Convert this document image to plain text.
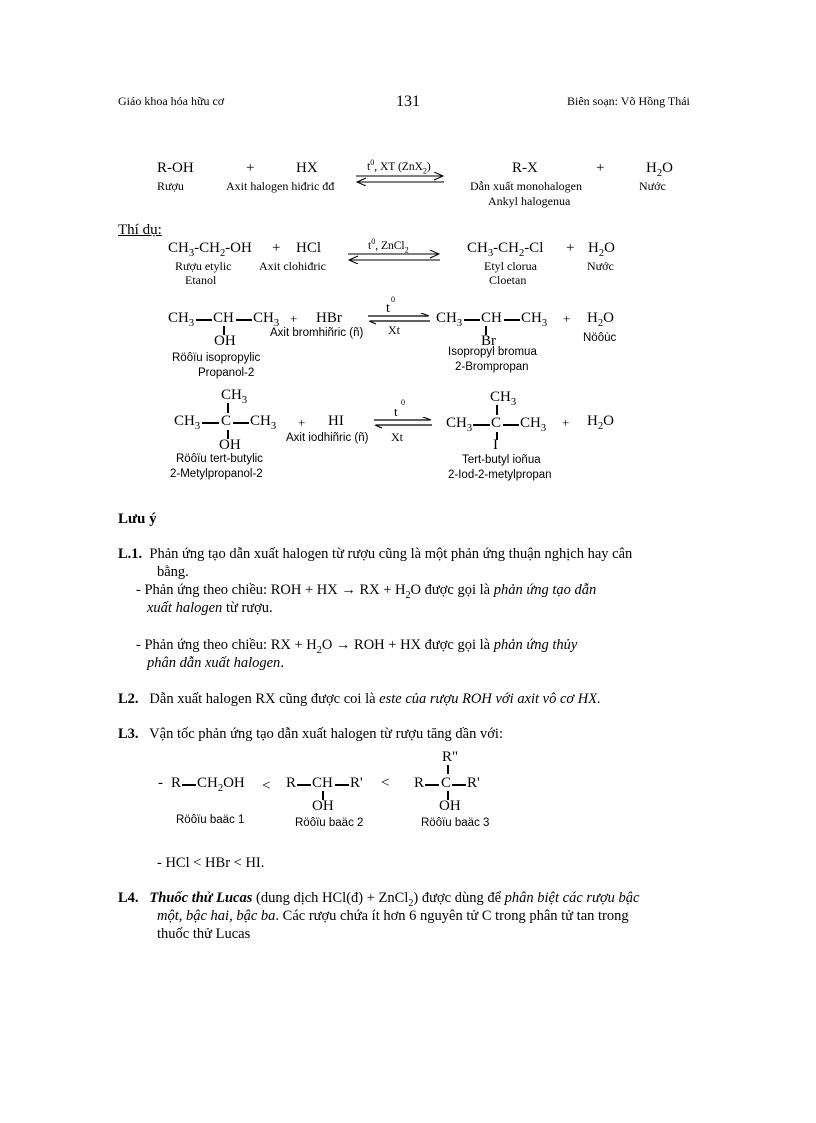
Giáo khoa hóa hữu cơ	131	Biên soạn: Võ Hồng Thái
R-OH
Rượu
+	HX
Axit halogen hiđric đđ
$t^0$, XT (ZnX$_2$)	R-X
Dẫn xuất monohalogen
Ankyl halogenua
+	$H_2O$
Nước
Thí dụ:
$CH_3-CH_2-OH$
Rượu etylic
Etanol
+ HCl
Axit clohiđric
$t^0$, ZnCl$_2$	$CH_3-CH_2-Cl$
Etyl clorua
Cloetan
+ $H_2O$
Nước
$CH_3$ CH $CH_3$
OH
Röôïu isopropylic
Propanol-2
+ HBr
Axit bromhiñric (ñ)
t
0
Xt
$CH_3$ CH $CH_3$
Br
Isopropyl bromua
2-Brompropan
+ $H_2O$
Nöôùc
$CH_3$
$CH_3$ C $CH_3$
OH
Röôïu tert-butylic
2-Metylpropanol-2
+ HI
Axit iodhiñric (ñ)
t
0
Xt
$CH_3$
$CH_3$ C $CH_3$
I
Tert-butyl ioñua
2-Iod-2-metylpropan
+ $H_2O$
Lưu ý
L.1. Phản ứng tạo dẫn xuất halogen từ rượu cũng là một phản ứng thuận nghịch hay cân
bằng.
- Phản ứng theo chiều: ROH + HX → RX + $H_2O$ được gọi là phản ứng tạo dẫn
xuất halogen từ rượu.
- Phản ứng theo chiều: RX + $H_2O$ → ROH + HX được gọi là phản ứng thủy
phân dẫn xuất halogen.
L2. Dẫn xuất halogen RX cũng được coi là este của rượu ROH với axit vô cơ HX.
L3. Vận tốc phản ứng tạo dẫn xuất halogen từ rượu tăng dần với:
- R $CH_2OH < R$ CH R'
OH
<
R"
R C R'
OH
Röôïu baäc 1	Röôïu baäc 2	Röôïu baäc 3
- HCl < HBr < HI.
L4. Thuốc thử Lucas (dung dịch HCl(đ) + ZnCl$_2$) được dùng để phân biệt các rượu bậc
một, bậc hai, bậc ba. Các rượu chứa ít hơn 6 nguyên tử C trong phân tử tan trong
thuốc thử Lucas
